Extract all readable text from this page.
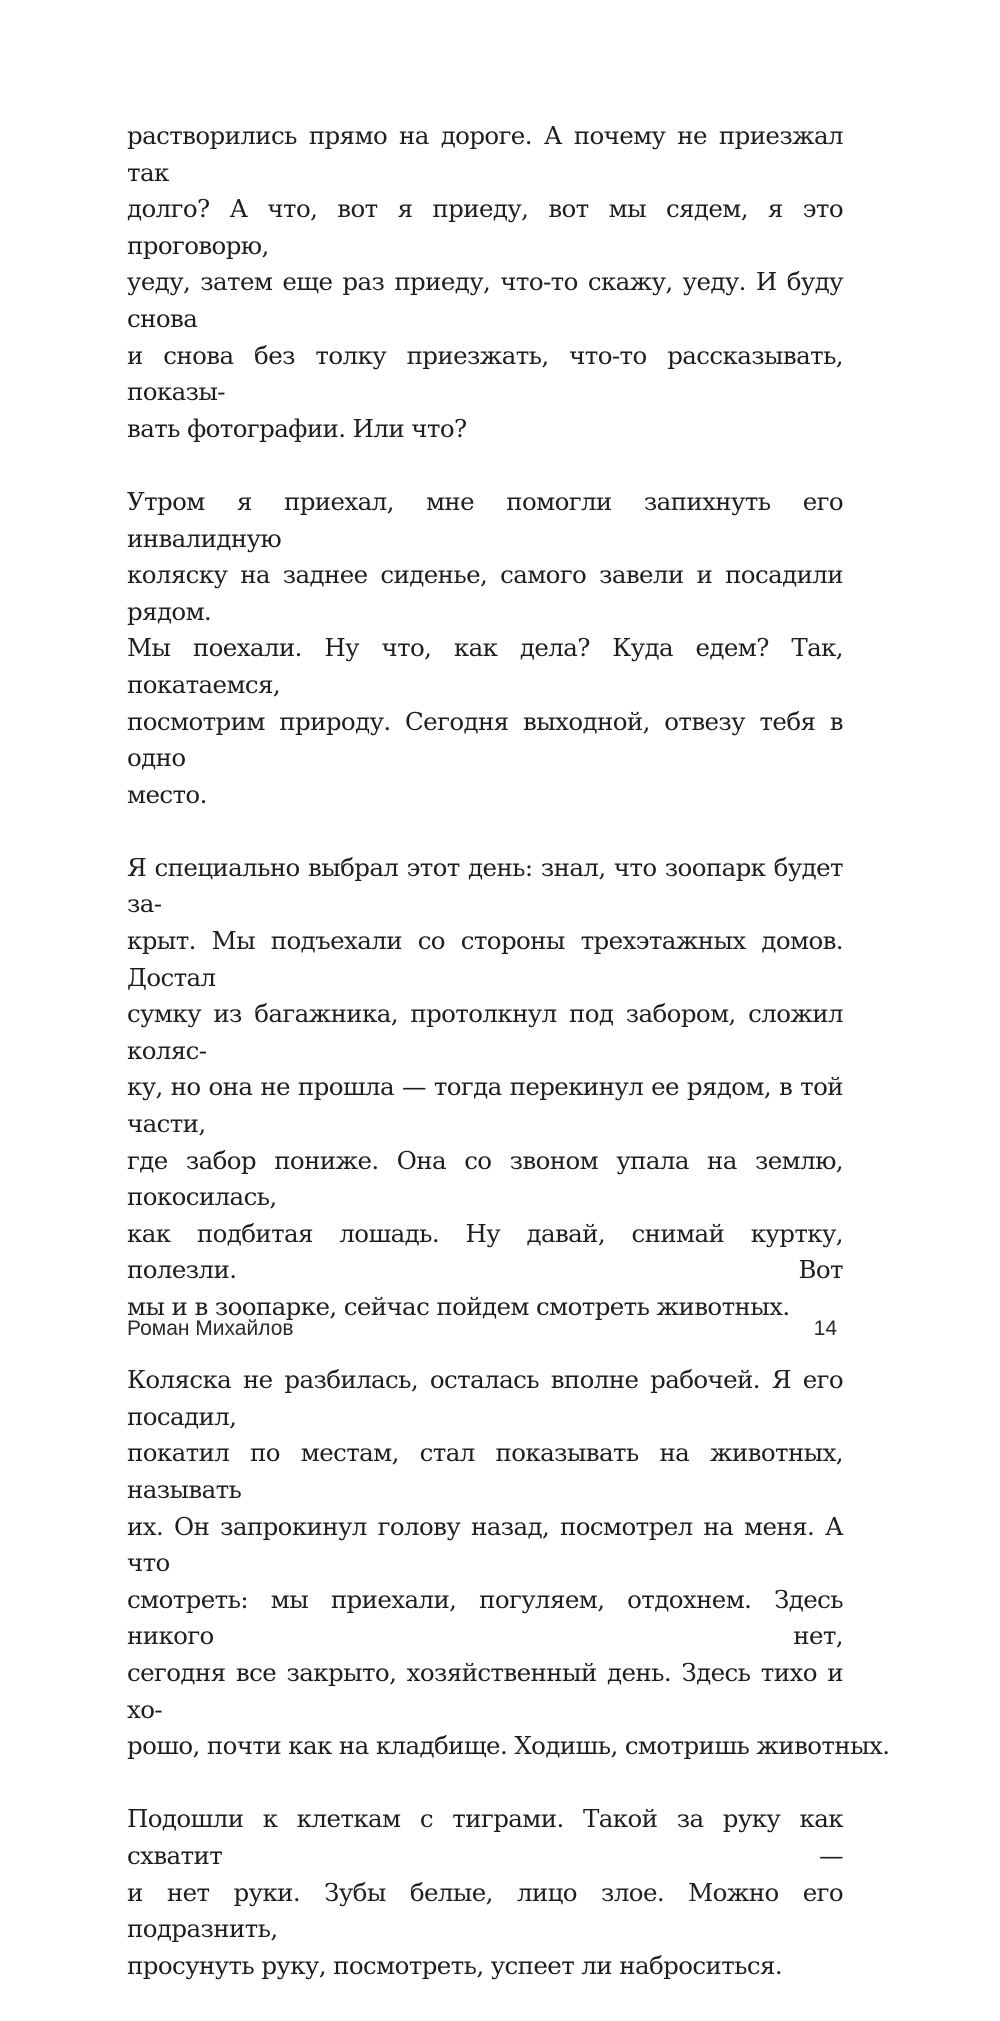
растворились прямо на дороге. А почему не приезжал так
долго? А что, вот я приеду, вот мы сядем, я это проговорю,
уеду, затем еще раз приеду, что-то скажу, уеду. И буду снова
и снова без толку приезжать, что-то рассказывать, показы-
вать фотографии. Или что?

Утром я приехал, мне помогли запихнуть его инвалидную
коляску на заднее сиденье, самого завели и посадили рядом.
Мы поехали. Ну что, как дела? Куда едем? Так, покатаемся,
посмотрим природу. Сегодня выходной, отвезу тебя в одно
место.

Я специально выбрал этот день: знал, что зоопарк будет за-
крыт. Мы подъехали со стороны трехэтажных домов. Достал
сумку из багажника, протолкнул под забором, сложил коляс-
ку, но она не прошла — тогда перекинул ее рядом, в той части,
где забор пониже. Она со звоном упала на землю, покосилась,
как подбитая лошадь. Ну давай, снимай куртку, полезли. Вот
мы и в зоопарке, сейчас пойдем смотреть животных.

Коляска не разбилась, осталась вполне рабочей. Я его посадил,
покатил по местам, стал показывать на животных, называть
их. Он запрокинул голову назад, посмотрел на меня. А что
смотреть: мы приехали, погуляем, отдохнем. Здесь никого нет,
сегодня все закрыто, хозяйственный день. Здесь тихо и хо-
рошо, почти как на кладбище. Ходишь, смотришь животных.

Подошли к клеткам с тиграми. Такой за руку как схватит —
и нет руки. Зубы белые, лицо злое. Можно его подразнить,
просунуть руку, посмотреть, успеет ли наброситься.

Роман Михайлов	14
